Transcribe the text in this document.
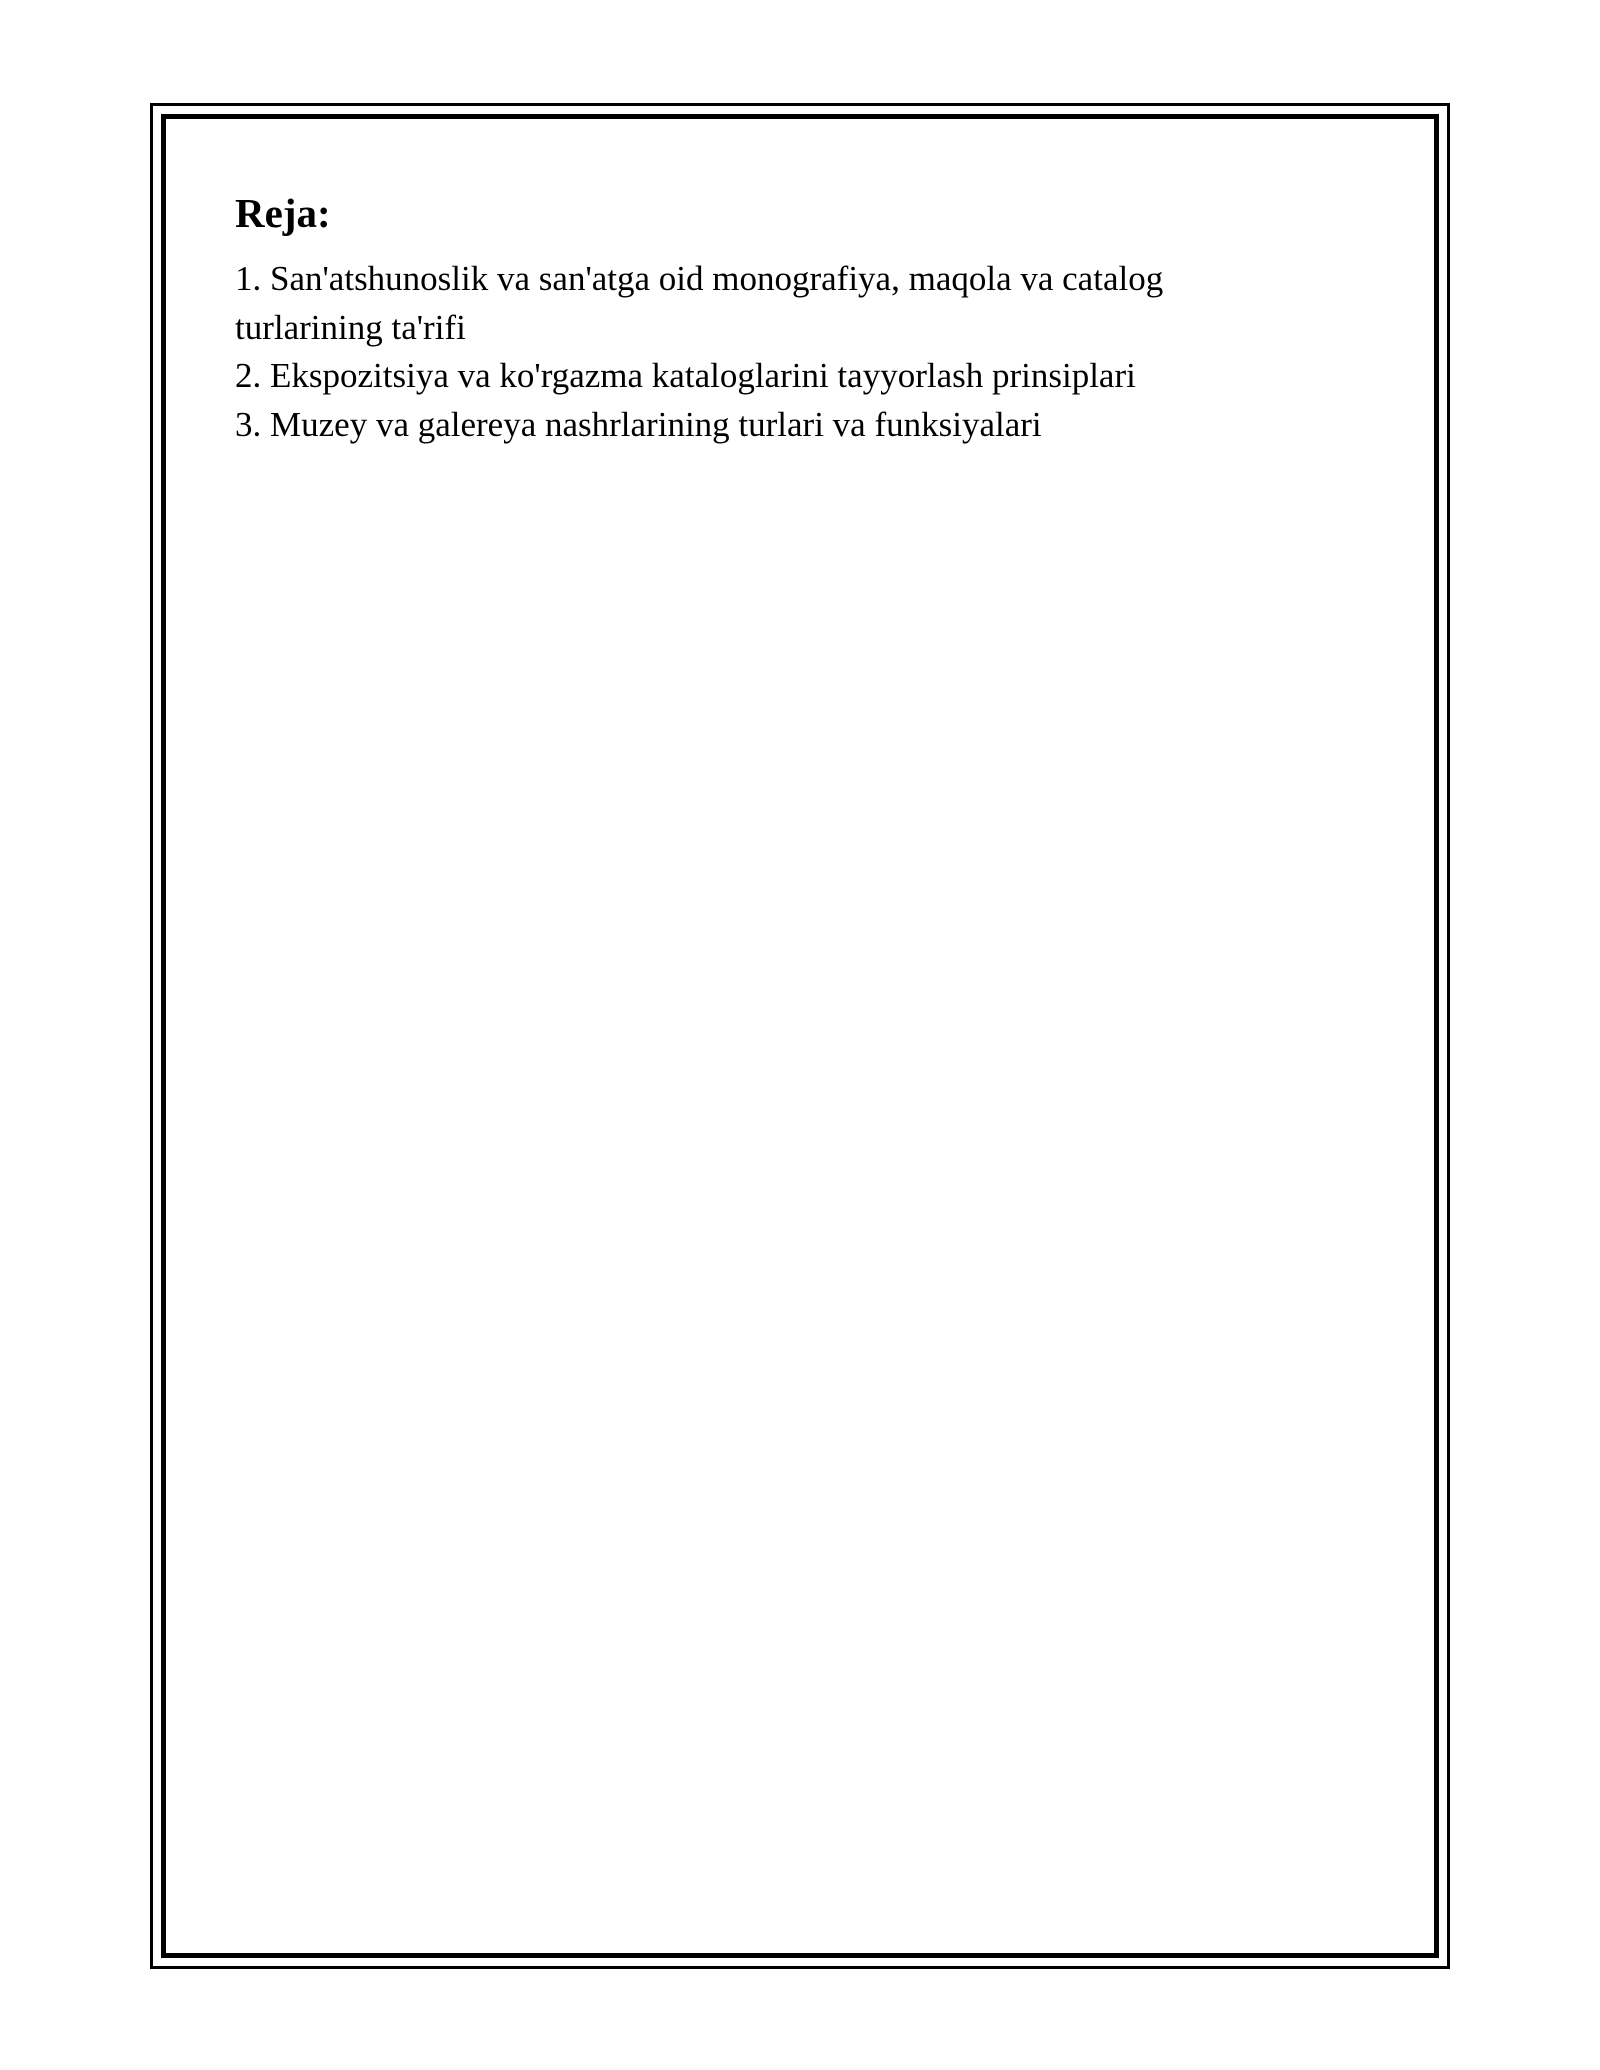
Reja:
1. San'atshunoslik va san'atga oid monografiya, maqola va catalog turlarining ta'rifi
2. Ekspozitsiya va ko'rgazma kataloglarini tayyorlash prinsiplari
3. Muzey va galereya nashrlarining turlari va funksiyalari
